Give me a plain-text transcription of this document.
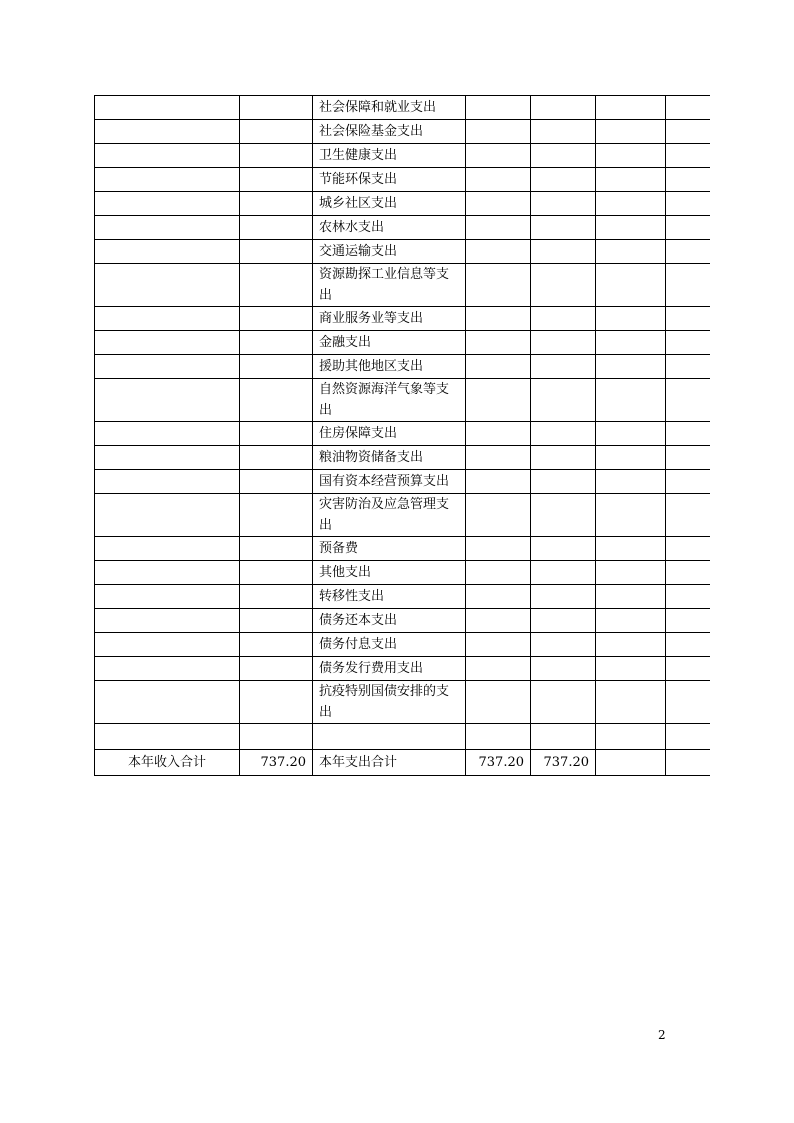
		社会保障和就业支出				
		社会保险基金支出				
		卫生健康支出				
		节能环保支出				
		城乡社区支出				
		农林水支出				
		交通运输支出				
		资源勘探工业信息等支出				
		商业服务业等支出				
		金融支出				
		援助其他地区支出				
		自然资源海洋气象等支出				
		住房保障支出				
		粮油物资储备支出				
		国有资本经营预算支出				
		灾害防治及应急管理支出				
		预备费				
		其他支出				
		转移性支出				
		债务还本支出				
		债务付息支出				
		债务发行费用支出				
		抗疫特别国债安排的支出				

本年收入合计	737.20	本年支出合计	737.20	737.20		
2
